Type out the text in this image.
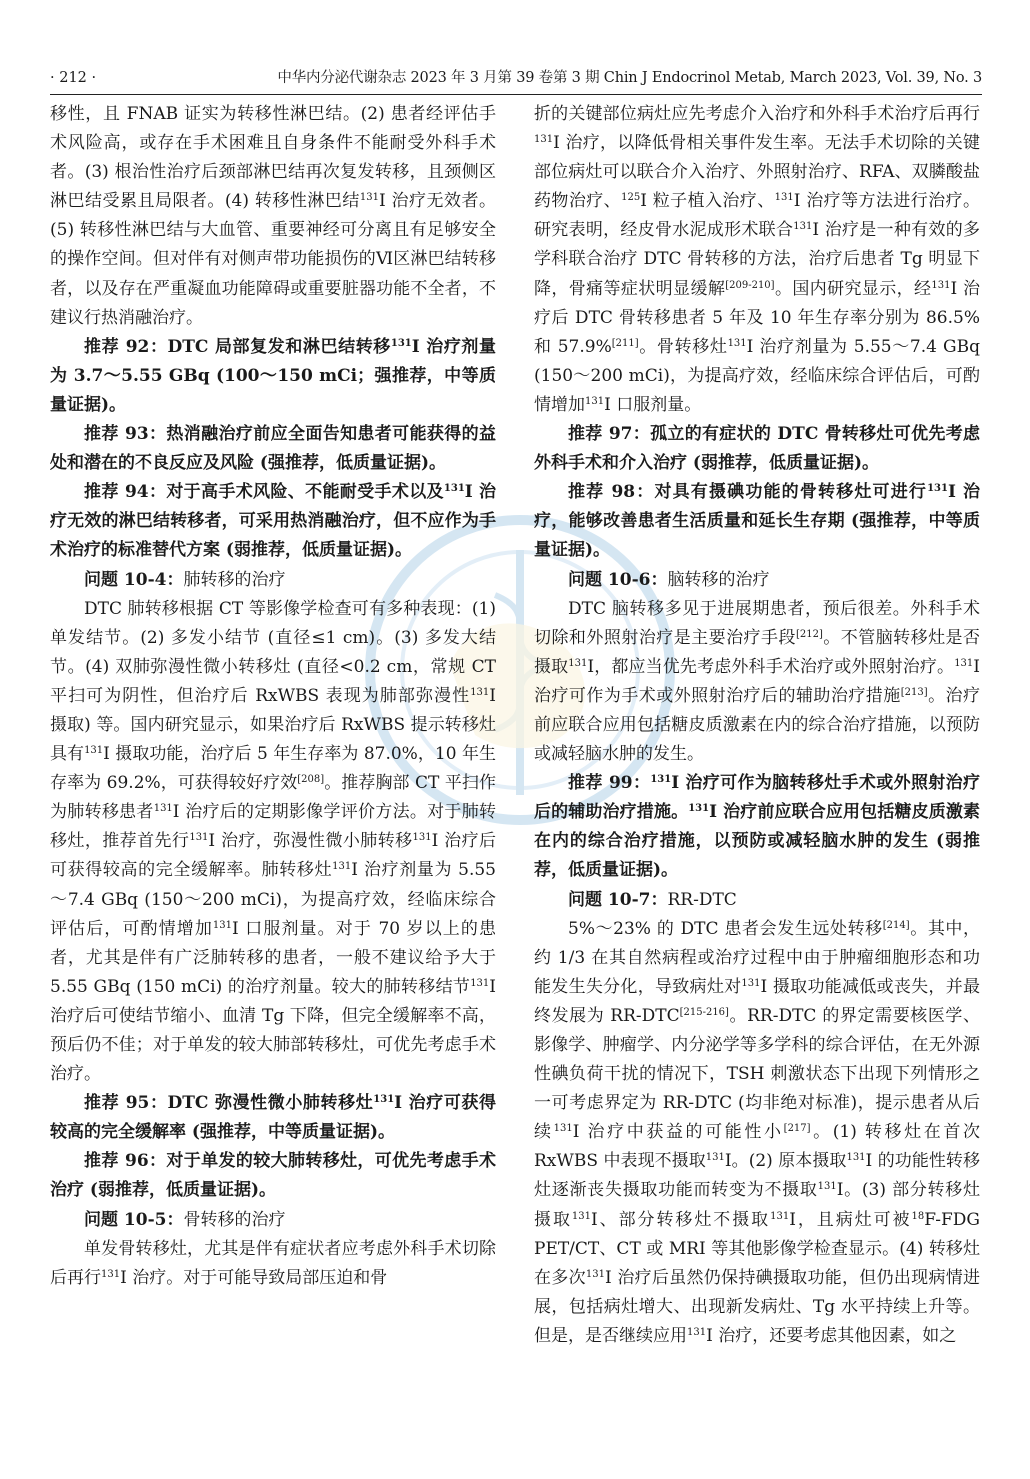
· 212 ·	中华内分泌代谢杂志 2023 年 3 月第 39 卷第 3 期 Chin J Endocrinol Metab, March 2023, Vol. 39, No. 3

移性，且 FNAB 证实为转移性淋巴结。(2) 患者经评估手术风险高，或存在手术困难且自身条件不能耐受外科手术者。(3) 根治性治疗后颈部淋巴结再次复发转移，且颈侧区淋巴结受累且局限者。(4) 转移性淋巴结$^{131}$I 治疗无效者。(5) 转移性淋巴结与大血管、重要神经可分离且有足够安全的操作空间。但对伴有对侧声带功能损伤的Ⅵ区淋巴结转移者，以及存在严重凝血功能障碍或重要脏器功能不全者，不建议行热消融治疗。

推荐 92：DTC 局部复发和淋巴结转移$^{131}$I 治疗剂量为 3.7～5.55 GBq (100～150 mCi；强推荐，中等质量证据)。

推荐 93：热消融治疗前应全面告知患者可能获得的益处和潜在的不良反应及风险 (强推荐，低质量证据)。

推荐 94：对于高手术风险、不能耐受手术以及$^{131}$I 治疗无效的淋巴结转移者，可采用热消融治疗，但不应作为手术治疗的标准替代方案 (弱推荐，低质量证据)。

问题 10-4：肺转移的治疗

DTC 肺转移根据 CT 等影像学检查可有多种表现：(1) 单发结节。(2) 多发小结节 (直径≤1 cm)。(3) 多发大结节。(4) 双肺弥漫性微小转移灶 (直径<0.2 cm，常规 CT 平扫可为阴性，但治疗后 RxWBS 表现为肺部弥漫性$^{131}$I 摄取) 等。国内研究显示，如果治疗后 RxWBS 提示转移灶具有$^{131}$I 摄取功能，治疗后 5 年生存率为 87.0%，10 年生存率为 69.2%，可获得较好疗效[208]。推荐胸部 CT 平扫作为肺转移患者$^{131}$I 治疗后的定期影像学评价方法。对于肺转移灶，推荐首先行$^{131}$I 治疗，弥漫性微小肺转移$^{131}$I 治疗后可获得较高的完全缓解率。肺转移灶$^{131}$I 治疗剂量为 5.55～7.4 GBq (150～200 mCi)，为提高疗效，经临床综合评估后，可酌情增加$^{131}$I 口服剂量。对于 70 岁以上的患者，尤其是伴有广泛肺转移的患者，一般不建议给予大于 5.55 GBq (150 mCi) 的治疗剂量。较大的肺转移结节$^{131}$I 治疗后可使结节缩小、血清 Tg 下降，但完全缓解率不高，预后仍不佳；对于单发的较大肺部转移灶，可优先考虑手术治疗。

推荐 95：DTC 弥漫性微小肺转移灶$^{131}$I 治疗可获得较高的完全缓解率 (强推荐，中等质量证据)。

推荐 96：对于单发的较大肺转移灶，可优先考虑手术治疗 (弱推荐，低质量证据)。

问题 10-5：骨转移的治疗

单发骨转移灶，尤其是伴有症状者应考虑外科手术切除后再行$^{131}$I 治疗。对于可能导致局部压迫和骨

折的关键部位病灶应先考虑介入治疗和外科手术治疗后再行$^{131}$I 治疗，以降低骨相关事件发生率。无法手术切除的关键部位病灶可以联合介入治疗、外照射治疗、RFA、双膦酸盐药物治疗、$^{125}$I 粒子植入治疗、$^{131}$I 治疗等方法进行治疗。研究表明，经皮骨水泥成形术联合$^{131}$I 治疗是一种有效的多学科联合治疗 DTC 骨转移的方法，治疗后患者 Tg 明显下降，骨痛等症状明显缓解[209-210]。国内研究显示，经$^{131}$I 治疗后 DTC 骨转移患者 5 年及 10 年生存率分别为 86.5% 和 57.9%[211]。骨转移灶$^{131}$I 治疗剂量为 5.55～7.4 GBq (150～200 mCi)，为提高疗效，经临床综合评估后，可酌情增加$^{131}$I 口服剂量。

推荐 97：孤立的有症状的 DTC 骨转移灶可优先考虑外科手术和介入治疗 (弱推荐，低质量证据)。

推荐 98：对具有摄碘功能的骨转移灶可进行$^{131}$I 治疗，能够改善患者生活质量和延长生存期 (强推荐，中等质量证据)。

问题 10-6：脑转移的治疗

DTC 脑转移多见于进展期患者，预后很差。外科手术切除和外照射治疗是主要治疗手段[212]。不管脑转移灶是否摄取$^{131}$I，都应当优先考虑外科手术治疗或外照射治疗。$^{131}$I 治疗可作为手术或外照射治疗后的辅助治疗措施[213]。治疗前应联合应用包括糖皮质激素在内的综合治疗措施，以预防或减轻脑水肿的发生。

推荐 99：$^{131}$I 治疗可作为脑转移灶手术或外照射治疗后的辅助治疗措施。$^{131}$I 治疗前应联合应用包括糖皮质激素在内的综合治疗措施，以预防或减轻脑水肿的发生 (弱推荐，低质量证据)。

问题 10-7：RR-DTC

5%～23% 的 DTC 患者会发生远处转移[214]。其中，约 1/3 在其自然病程或治疗过程中由于肿瘤细胞形态和功能发生失分化，导致病灶对$^{131}$I 摄取功能减低或丧失，并最终发展为 RR-DTC[215-216]。RR-DTC 的界定需要核医学、影像学、肿瘤学、内分泌学等多学科的综合评估，在无外源性碘负荷干扰的情况下，TSH 刺激状态下出现下列情形之一可考虑界定为 RR-DTC (均非绝对标准)，提示患者从后续$^{131}$I 治疗中获益的可能性小[217]。(1) 转移灶在首次 RxWBS 中表现不摄取$^{131}$I。(2) 原本摄取$^{131}$I 的功能性转移灶逐渐丧失摄取功能而转变为不摄取$^{131}$I。(3) 部分转移灶摄取$^{131}$I、部分转移灶不摄取$^{131}$I，且病灶可被$^{18}$F-FDG PET/CT、CT 或 MRI 等其他影像学检查显示。(4) 转移灶在多次$^{131}$I 治疗后虽然仍保持碘摄取功能，但仍出现病情进展，包括病灶增大、出现新发病灶、Tg 水平持续上升等。但是，是否继续应用$^{131}$I 治疗，还要考虑其他因素，如之
